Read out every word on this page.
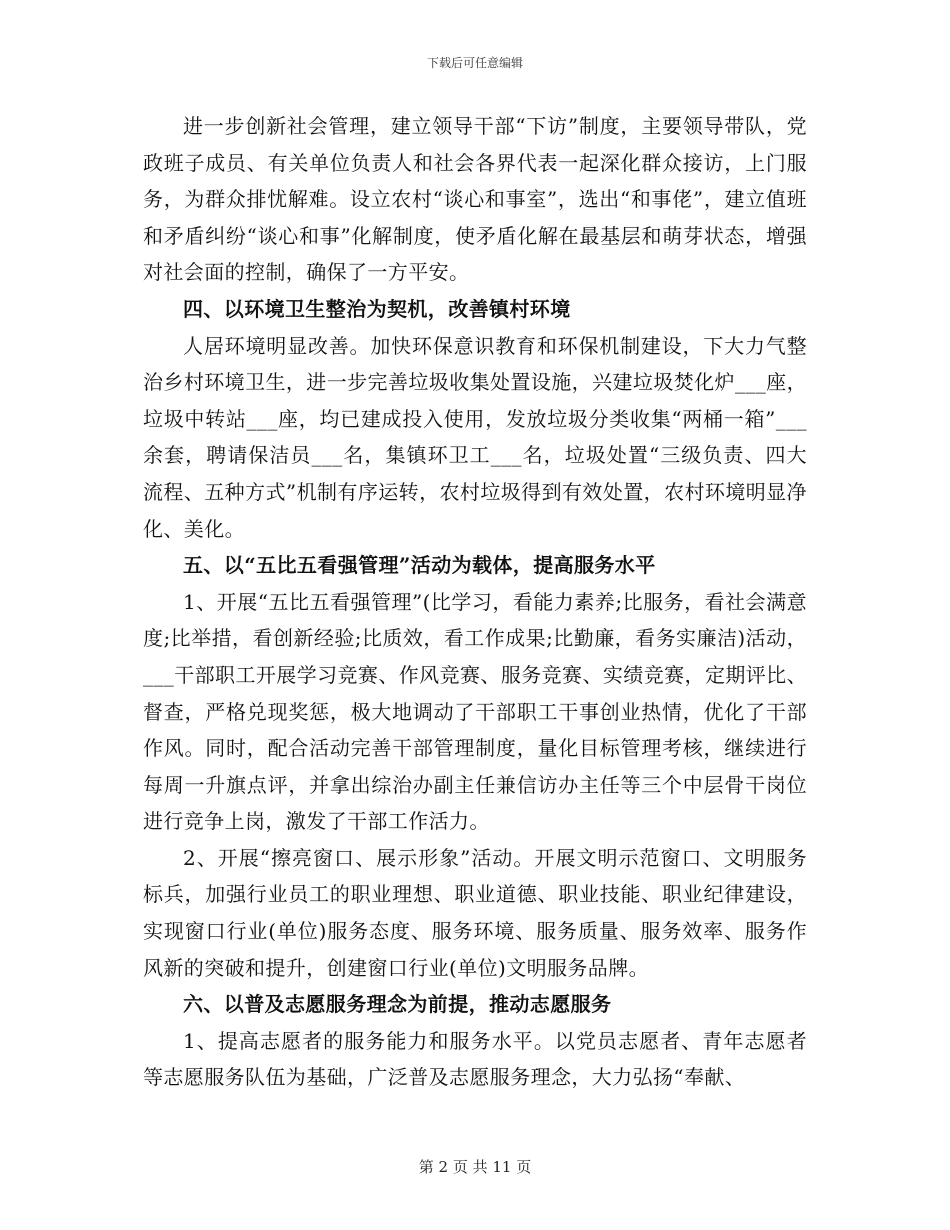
下载后可任意编辑

进一步创新社会管理，建立领导干部“下访”制度，主要领导带队，党政班子成员、有关单位负责人和社会各界代表一起深化群众接访，上门服务，为群众排忧解难。设立农村“谈心和事室”，选出“和事佬”，建立值班和矛盾纠纷“谈心和事”化解制度，使矛盾化解在最基层和萌芽状态，增强对社会面的控制，确保了一方平安。

四、以环境卫生整治为契机，改善镇村环境

人居环境明显改善。加快环保意识教育和环保机制建设，下大力气整治乡村环境卫生，进一步完善垃圾收集处置设施，兴建垃圾焚化炉___座，垃圾中转站___座，均已建成投入使用，发放垃圾分类收集“两桶一箱”___余套，聘请保洁员___名，集镇环卫工___名，垃圾处置“三级负责、四大流程、五种方式”机制有序运转，农村垃圾得到有效处置，农村环境明显净化、美化。

五、以“五比五看强管理”活动为载体，提高服务水平

1、开展“五比五看强管理”(比学习，看能力素养;比服务，看社会满意度;比举措，看创新经验;比质效，看工作成果;比勤廉，看务实廉洁)活动，___干部职工开展学习竞赛、作风竞赛、服务竞赛、实绩竞赛，定期评比、督查，严格兑现奖惩，极大地调动了干部职工干事创业热情，优化了干部作风。同时，配合活动完善干部管理制度，量化目标管理考核，继续进行每周一升旗点评，并拿出综治办副主任兼信访办主任等三个中层骨干岗位进行竞争上岗，激发了干部工作活力。

2、开展“擦亮窗口、展示形象”活动。开展文明示范窗口、文明服务标兵，加强行业员工的职业理想、职业道德、职业技能、职业纪律建设，实现窗口行业(单位)服务态度、服务环境、服务质量、服务效率、服务作风新的突破和提升，创建窗口行业(单位)文明服务品牌。

六、以普及志愿服务理念为前提，推动志愿服务

1、提高志愿者的服务能力和服务水平。以党员志愿者、青年志愿者等志愿服务队伍为基础，广泛普及志愿服务理念，大力弘扬“奉献、

第 2 页 共 11 页
